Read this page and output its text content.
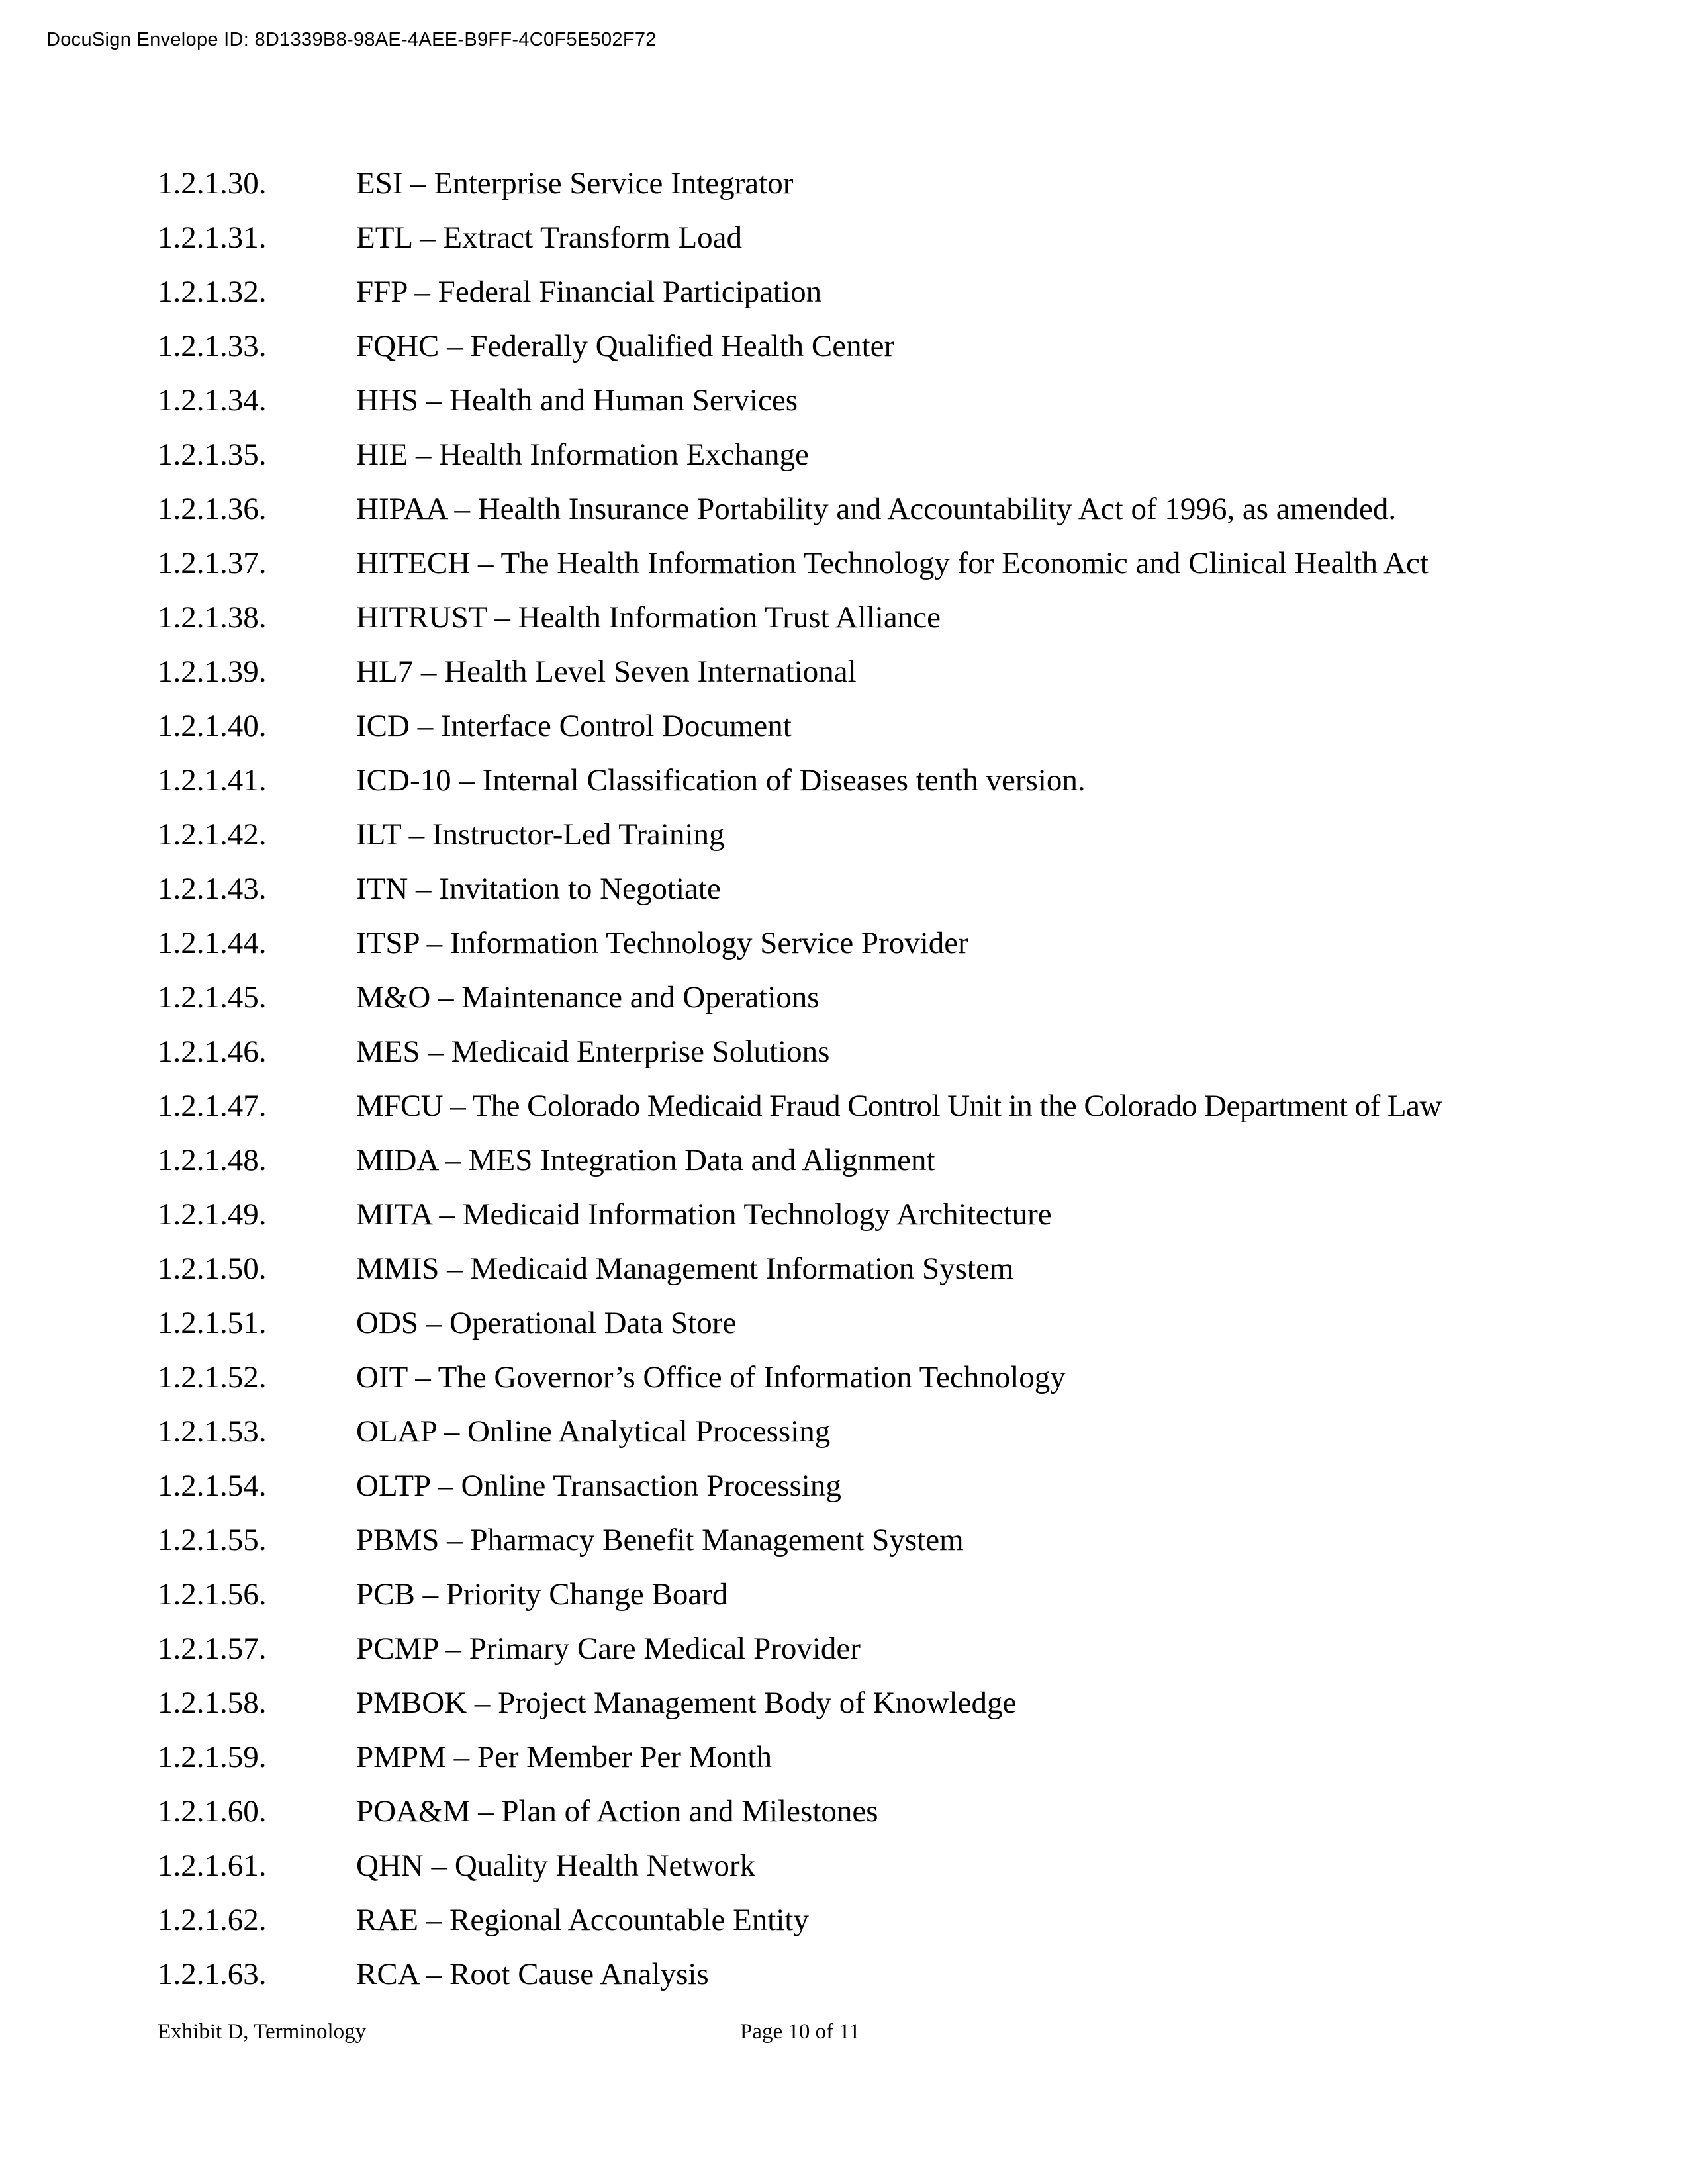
DocuSign Envelope ID: 8D1339B8-98AE-4AEE-B9FF-4C0F5E502F72
1.2.1.30.	ESI – Enterprise Service Integrator
1.2.1.31.	ETL – Extract Transform Load
1.2.1.32.	FFP – Federal Financial Participation
1.2.1.33.	FQHC – Federally Qualified Health Center
1.2.1.34.	HHS – Health and Human Services
1.2.1.35.	HIE – Health Information Exchange
1.2.1.36.	HIPAA – Health Insurance Portability and Accountability Act of 1996, as amended.
1.2.1.37.	HITECH – The Health Information Technology for Economic and Clinical Health Act
1.2.1.38.	HITRUST – Health Information Trust Alliance
1.2.1.39.	HL7 – Health Level Seven International
1.2.1.40.	ICD – Interface Control Document
1.2.1.41.	ICD-10 – Internal Classification of Diseases tenth version.
1.2.1.42.	ILT – Instructor-Led Training
1.2.1.43.	ITN – Invitation to Negotiate
1.2.1.44.	ITSP – Information Technology Service Provider
1.2.1.45.	M&O – Maintenance and Operations
1.2.1.46.	MES – Medicaid Enterprise Solutions
1.2.1.47.	MFCU – The Colorado Medicaid Fraud Control Unit in the Colorado Department of Law
1.2.1.48.	MIDA – MES Integration Data and Alignment
1.2.1.49.	MITA – Medicaid Information Technology Architecture
1.2.1.50.	MMIS – Medicaid Management Information System
1.2.1.51.	ODS – Operational Data Store
1.2.1.52.	OIT – The Governor’s Office of Information Technology
1.2.1.53.	OLAP – Online Analytical Processing
1.2.1.54.	OLTP – Online Transaction Processing
1.2.1.55.	PBMS – Pharmacy Benefit Management System
1.2.1.56.	PCB – Priority Change Board
1.2.1.57.	PCMP – Primary Care Medical Provider
1.2.1.58.	PMBOK – Project Management Body of Knowledge
1.2.1.59.	PMPM – Per Member Per Month
1.2.1.60.	POA&M – Plan of Action and Milestones
1.2.1.61.	QHN – Quality Health Network
1.2.1.62.	RAE – Regional Accountable Entity
1.2.1.63.	RCA – Root Cause Analysis
Exhibit D, Terminology	Page 10 of 11
